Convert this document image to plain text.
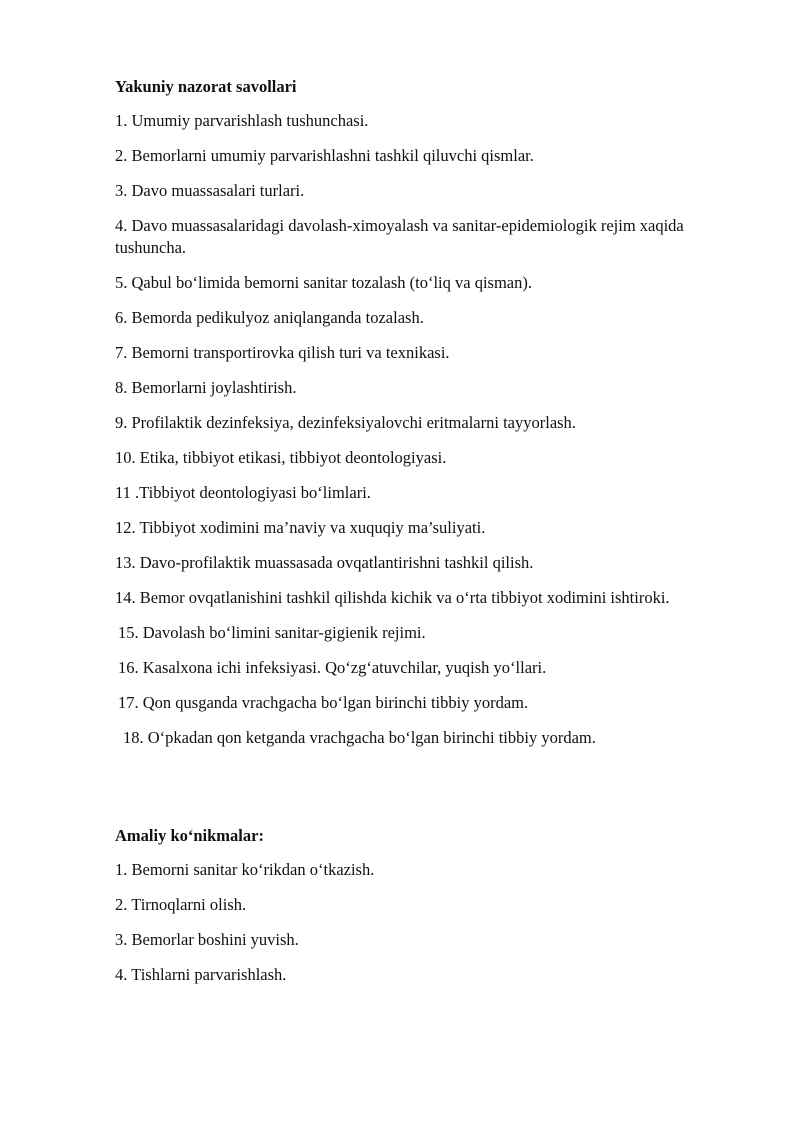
Yakuniy nazorat savollari
1. Umumiy parvarishlash tushunchasi.
2. Bemorlarni umumiy parvarishlashni tashkil qiluvchi qismlar.
3. Davo muassasalari turlari.
4. Davo muassasalaridagi davolash-ximoyalash va sanitar-epidemiologik rejim xaqida tushuncha.
5. Qabul bo‘limida bemorni sanitar tozalash (to‘liq va qisman).
6. Bemorda pedikulyoz aniqlanganda tozalash.
7. Bemorni transportirovka qilish turi va texnikasi.
8. Bemorlarni joylashtirish.
9. Profilaktik dezinfeksiya, dezinfeksiyalovchi eritmalarni tayyorlash.
10. Etika, tibbiyot etikasi, tibbiyot deontologiyasi.
11 .Tibbiyot deontologiyasi bo‘limlari.
12. Tibbiyot xodimini ma’naviy va xuquqiy ma’suliyati.
13. Davo-profilaktik muassasada ovqatlantirishni tashkil qilish.
14. Bemor ovqatlanishini tashkil qilishda kichik va o‘rta tibbiyot xodimini ishtiroki.
15. Davolash bo‘limini sanitar-gigienik rejimi.
16. Kasalxona ichi infeksiyasi. Qo‘zg‘atuvchilar, yuqish yo‘llari.
17. Qon qusganda vrachgacha bo‘lgan birinchi tibbiy yordam.
18. O‘pkadan qon ketganda vrachgacha bo‘lgan birinchi tibbiy yordam.
Amaliy ko‘nikmalar:
1. Bemorni sanitar ko‘rikdan o‘tkazish.
2. Tirnoqlarni olish.
3. Bemorlar boshini yuvish.
4. Tishlarni parvarishlash.
